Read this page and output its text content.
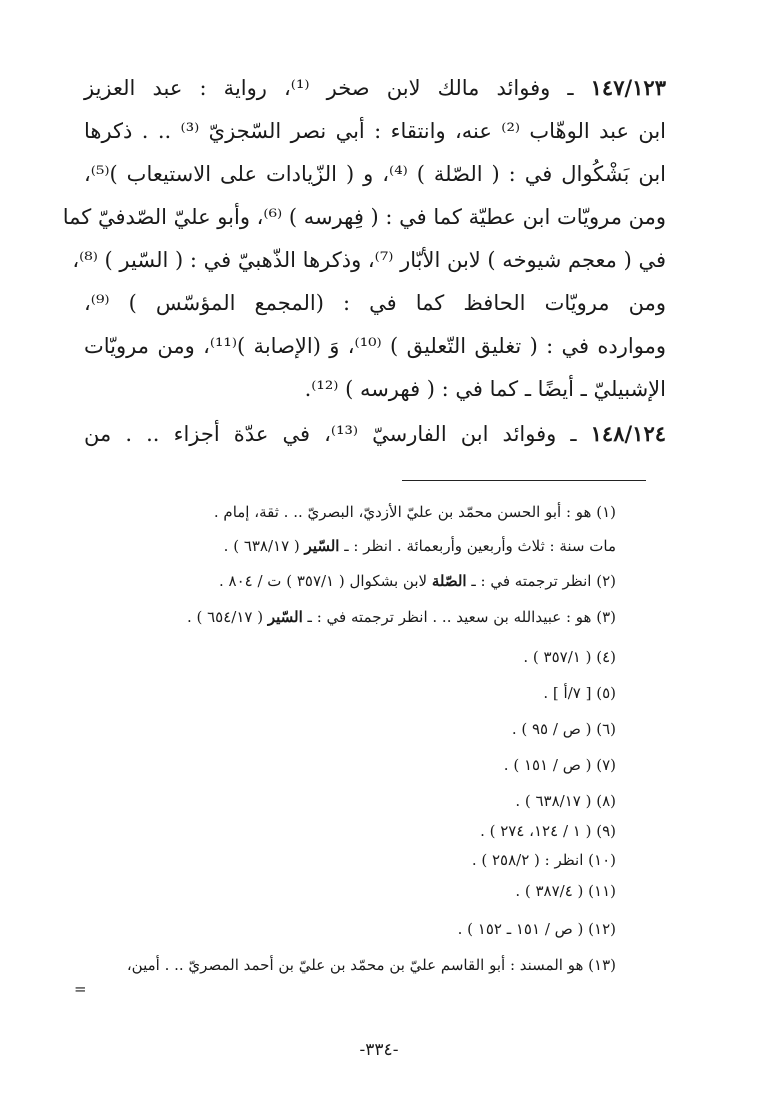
١٤٧/١٢٣ ـ وفوائد مالك لابن صخر ⁽¹⁾، رواية : عبد العزيز
ابن عبد الوهّاب ⁽²⁾ عنه، وانتقاء : أبي نصر السّجزيّ ⁽³⁾ .. . ذكرها
ابن بَشْكُوال في : ( الصّلة ) ⁽⁴⁾، و ( الزّيادات على الاستيعاب )⁽⁵⁾،
ومن مرويّات ابن عطيّة كما في : ( فِهرسه ) ⁽⁶⁾، وأبو عليّ الصّدفيّ كما
في ( معجم شيوخه ) لابن الأبّار ⁽⁷⁾، وذكرها الذّهبيّ في : ( السّير ) ⁽⁸⁾،
ومن مرويّات الحافظ كما في : (المجمع المؤسّس ) ⁽⁹⁾،
وموارده في : ( تغليق التّعليق ) ⁽¹⁰⁾، وَ (الإصابة )⁽¹¹⁾، ومن مرويّات
الإشبيليّ ـ أيضًا ـ كما في : ( فهرسه ) ⁽¹²⁾.
١٤٨/١٢٤ ـ وفوائد ابن الفارسيّ ⁽¹³⁾، في عدّة أجزاء .. . من
(١) هو : أبو الحسن محمّد بن عليّ الأزديّ، البصريّ .. . ثقة، إمام .
مات سنة : ثلاث وأربعين وأربعمائة . انظر : ـ السّير ( ٦٣٨/١٧ ) .
(٢) انظر ترجمته في : ـ الصّلة لابن بشكوال ( ٣٥٧/١ ) ت / ٨٠٤ .
(٣) هو : عبيدالله بن سعيد .. . انظر ترجمته في : ـ السّير ( ٦٥٤/١٧ ) .
(٤) ( ٣٥٧/١ ) .
(٥) [ ٧/أ ] .
(٦) ( ص / ٩٥ ) .
(٧) ( ص / ١٥١ ) .
(٨) ( ٦٣٨/١٧ ) .
(٩) ( ١ / ١٢٤، ٢٧٤ ) .
(١٠) انظر : ( ٢٥٨/٢ ) .
(١١) ( ٣٨٧/٤ ) .
(١٢) ( ص / ١٥١ ـ ١٥٢ ) .
(١٣) هو المسند : أبو القاسم عليّ بن محمّد بن عليّ بن أحمد المصريّ .. . أمين،
=
-٣٣٤-
